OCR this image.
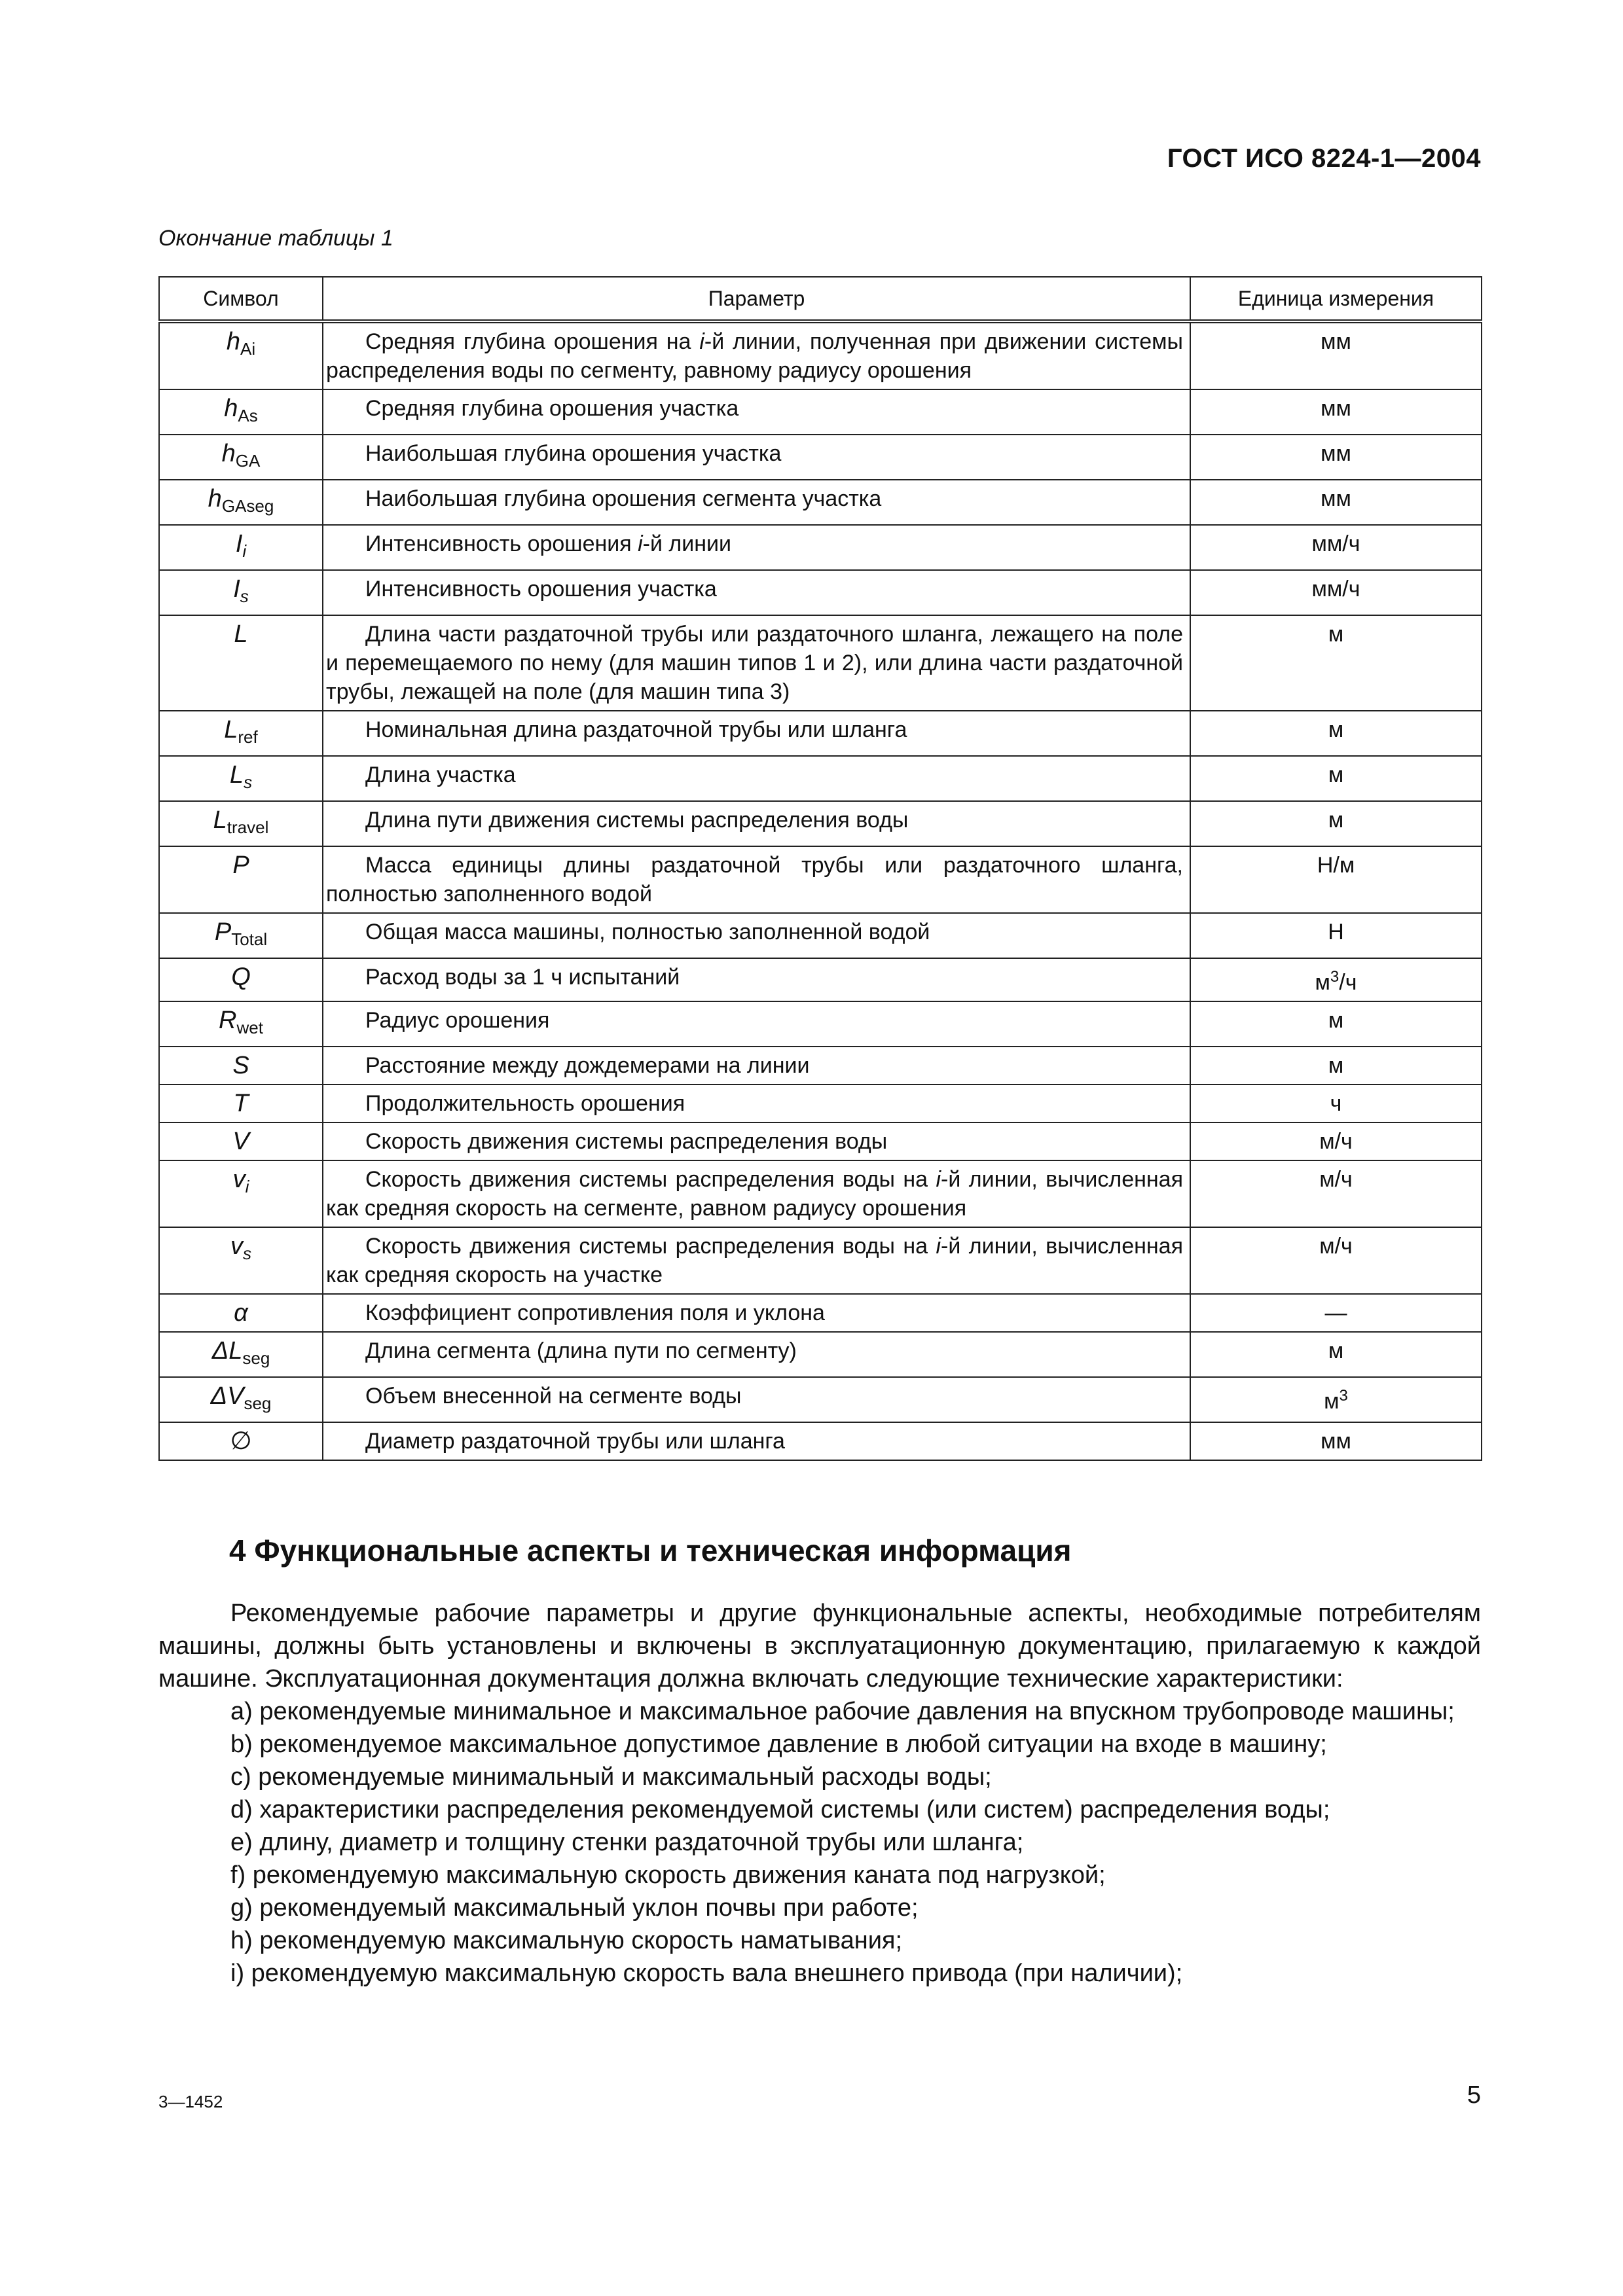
ГОСТ ИСО 8224-1—2004
Окончание таблицы 1
Символ	Параметр	Единица измерения
$h_{Ai}$	Средняя глубина орошения на i-й линии, полученная при движении системы распределения воды по сегменту, равному радиусу орошения	мм
$h_{As}$	Средняя глубина орошения участка	мм
$h_{GA}$	Наибольшая глубина орошения участка	мм
$h_{GAseg}$	Наибольшая глубина орошения сегмента участка	мм
$I_i$	Интенсивность орошения i-й линии	мм/ч
$I_s$	Интенсивность орошения участка	мм/ч
L	Длина части раздаточной трубы или раздаточного шланга, лежащего на поле и перемещаемого по нему (для машин типов 1 и 2), или длина части раздаточной трубы, лежащей на поле (для машин типа 3)	м
$L_{ref}$	Номинальная длина раздаточной трубы или шланга	м
$L_s$	Длина участка	м
$L_{travel}$	Длина пути движения системы распределения воды	м
P	Масса единицы длины раздаточной трубы или раздаточного шланга, полностью заполненного водой	Н/м
$P_{Total}$	Общая масса машины, полностью заполненной водой	Н
Q	Расход воды за 1 ч испытаний	$м^3/ч$
$R_{wet}$	Радиус орошения	м
S	Расстояние между дождемерами на линии	м
T	Продолжительность орошения	ч
V	Скорость движения системы распределения воды	м/ч
$v_i$	Скорость движения системы распределения воды на i-й линии, вычисленная как средняя скорость на сегменте, равном радиусу орошения	м/ч
$v_s$	Скорость движения системы распределения воды на i-й линии, вычисленная как средняя скорость на участке	м/ч
α	Коэффициент сопротивления поля и уклона	—
$\Delta L_{seg}$	Длина сегмента (длина пути по сегменту)	м
$\Delta V_{seg}$	Объем внесенной на сегменте воды	$м^3$
∅	Диаметр раздаточной трубы или шланга	мм
4 Функциональные аспекты и техническая информация

Рекомендуемые рабочие параметры и другие функциональные аспекты, необходимые потребителям машины, должны быть установлены и включены в эксплуатационную документацию, прилагаемую к каждой машине. Эксплуатационная документация должна включать следующие технические характеристики:

а) рекомендуемые минимальное и максимальное рабочие давления на впускном трубопроводе машины;

b) рекомендуемое максимальное допустимое давление в любой ситуации на входе в машину;

c) рекомендуемые минимальный и максимальный расходы воды;

d) характеристики распределения рекомендуемой системы (или систем) распределения воды;

e) длину, диаметр и толщину стенки раздаточной трубы или шланга;

f) рекомендуемую максимальную скорость движения каната под нагрузкой;

g) рекомендуемый максимальный уклон почвы при работе;

h) рекомендуемую максимальную скорость наматывания;

i) рекомендуемую максимальную скорость вала внешнего привода (при наличии);

3—1452	5
